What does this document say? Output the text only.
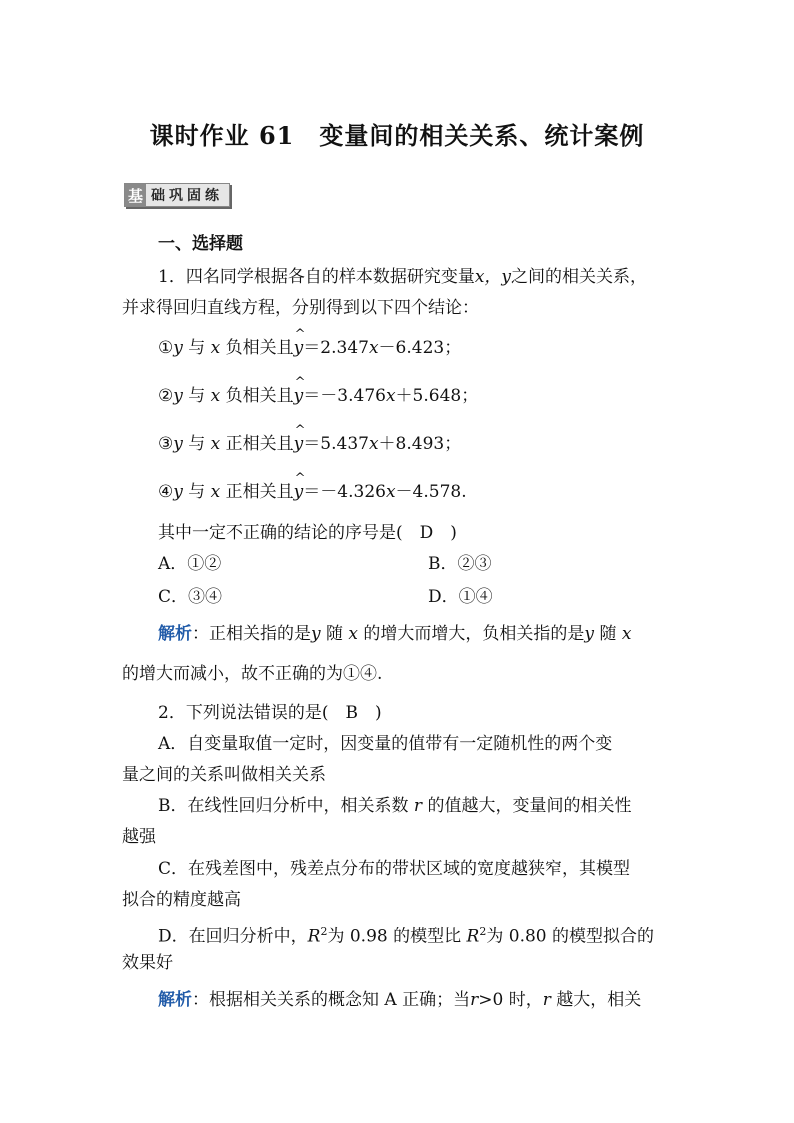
课时作业 61　变量间的相关关系、统计案例
基 础巩固练
一、选择题
1．四名同学根据各自的样本数据研究变量x，y之间的相关关系，
并求得回归直线方程，分别得到以下四个结论：
①y 与 x 负相关且^ y＝2.347x－6.423；
②y 与 x 负相关且^ y＝－3.476x＋5.648；
③y 与 x 正相关且^ y＝5.437x＋8.493；
④y 与 x 正相关且^ y＝－4.326x－4.578.
其中一定不正确的结论的序号是(　D　)
A．①②	B．②③
C．③④	D．①④
解析：正相关指的是y 随 x 的增大而增大，负相关指的是y 随 x
的增大而减小，故不正确的为①④.
2．下列说法错误的是(　B　)
A．自变量取值一定时，因变量的值带有一定随机性的两个变
量之间的关系叫做相关关系
B．在线性回归分析中，相关系数 r 的值越大，变量间的相关性
越强
C．在残差图中，残差点分布的带状区域的宽度越狭窄，其模型
拟合的精度越高
D．在回归分析中，$R^2$为 0.98 的模型比 $R^2$为 0.80 的模型拟合的
效果好
解析：根据相关关系的概念知 A 正确；当r>0 时，r 越大，相关
